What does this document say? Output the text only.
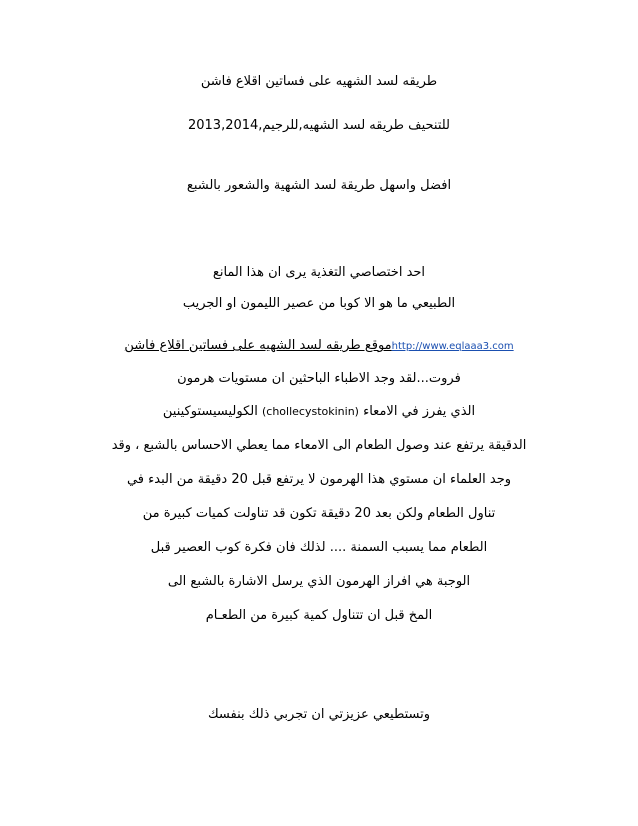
طريقه لسد الشهيه على فساتين اقلاع فاشن
للتنحيف طريقه لسد الشهيه,للرجيم,2013,2014
افضل واسهل طريقة لسد الشهية والشعور بالشبع
احد اختصاصي التغذية يرى ان هذا المانع
الطبيعي ما هو الا كوبا من عصير الليمون او الجريب
http://www.eqlaaa3.comموقع طريقه لسد الشهيه على فساتين اقلاع فاشن
فروت...لقد وجد الاطباء الباحثين ان مستويات هرمون
الذي يفرز في الامعاء (chollecystokinin) الكوليسيستوكينين
الدقيقة يرتفع عند وصول الطعام الى الامعاء مما يعطي الاحساس بالشبع ، وقد
وجد العلماء ان مستوي هذا الهرمون لا يرتفع قبل 20 دقيقة من البدء في
تناول الطعام ولكن بعد 20 دقيقة تكون قد تناولت كميات كبيرة من
الطعام مما يسبب السمنة .... لذلك فان فكرة كوب العصير قبل
الوجبة هي افراز الهرمون الذي يرسل الاشارة بالشبع الى
المخ قبل ان تتناول كمية كبيرة من الطعـام
وتستطيعي عزيزتي ان تجربي ذلك بنفسك
